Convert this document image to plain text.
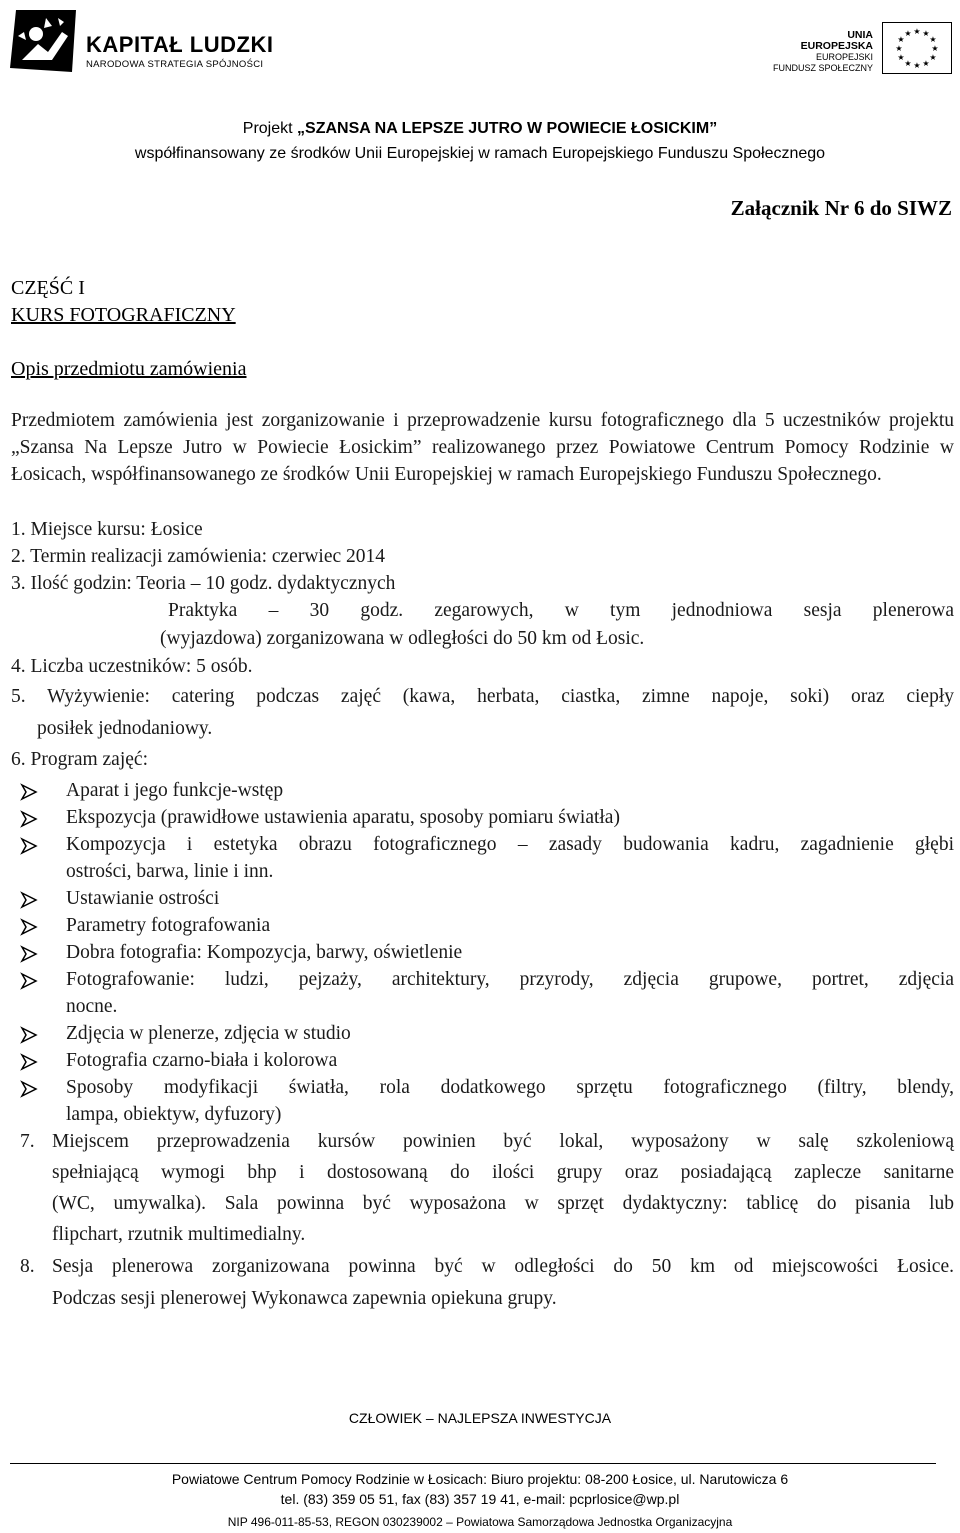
KAPITAŁ LUDZKI
NARODOWA STRATEGIA SPÓJNOŚCI
UNIA EUROPEJSKA
EUROPEJSKI
FUNDUSZ SPOŁECZNY
★ ★
★
★
★
★
★
★
★
★
★
★
Projekt „SZANSA NA LEPSZE JUTRO W POWIECIE ŁOSICKIM”
współfinansowany ze środków Unii Europejskiej w ramach Europejskiego Funduszu Społecznego
Załącznik Nr 6 do SIWZ
CZĘŚĆ I
KURS FOTOGRAFICZNY
Opis przedmiotu zamówienia
Przedmiotem zamówienia jest zorganizowanie i przeprowadzenie kursu fotograficznego dla 5 uczestników projektu „Szansa Na Lepsze Jutro w Powiecie Łosickim” realizowanego przez Powiatowe Centrum Pomocy Rodzinie w Łosicach, współfinansowanego ze środków Unii Europejskiej w ramach Europejskiego Funduszu Społecznego.
1. Miejsce kursu: Łosice
2. Termin realizacji zamówienia: czerwiec 2014
3. Ilość godzin: Teoria – 10 godz. dydaktycznych
Praktyka – 30 godz. zegarowych, w tym jednodniowa sesja plenerowa
(wyjazdowa) zorganizowana w odległości do 50 km od Łosic.
4. Liczba uczestników: 5 osób.
5. Wyżywienie: catering podczas zajęć (kawa, herbata, ciastka, zimne napoje, soki) oraz ciepły
posiłek jednodaniowy.
6. Program zajęć:
Aparat i jego funkcje-wstęp
Ekspozycja (prawidłowe ustawienia aparatu, sposoby pomiaru światła)
Kompozycja i estetyka obrazu fotograficznego – zasady budowania kadru, zagadnienie głębi
ostrości, barwa, linie i inn.
Ustawianie ostrości
Parametry fotografowania
Dobra fotografia: Kompozycja, barwy, oświetlenie
Fotografowanie: ludzi, pejzaży, architektury, przyrody, zdjęcia grupowe, portret, zdjęcia
nocne.
Zdjęcia w plenerze, zdjęcia w studio
Fotografia czarno-biała i kolorowa
Sposoby modyfikacji światła, rola dodatkowego sprzętu fotograficznego (filtry, blendy,
lampa, obiektyw, dyfuzory)
7. Miejscem przeprowadzenia kursów powinien być lokal, wyposażony w salę szkoleniową
spełniającą wymogi bhp i dostosowaną do ilości grupy oraz posiadającą zaplecze sanitarne
(WC, umywalka). Sala powinna być wyposażona w sprzęt dydaktyczny: tablicę do pisania lub
flipchart, rzutnik multimedialny.
8. Sesja plenerowa zorganizowana powinna być w odległości do 50 km od miejscowości Łosice.
Podczas sesji plenerowej Wykonawca zapewnia opiekuna grupy.
CZŁOWIEK – NAJLEPSZA INWESTYCJA
Powiatowe Centrum Pomocy Rodzinie w Łosicach: Biuro projektu: 08-200 Łosice, ul. Narutowicza 6
tel. (83) 359 05 51, fax (83) 357 19 41, e-mail: pcprlosice@wp.pl
NIP 496-011-85-53, REGON 030239002 – Powiatowa Samorządowa Jednostka Organizacyjna
